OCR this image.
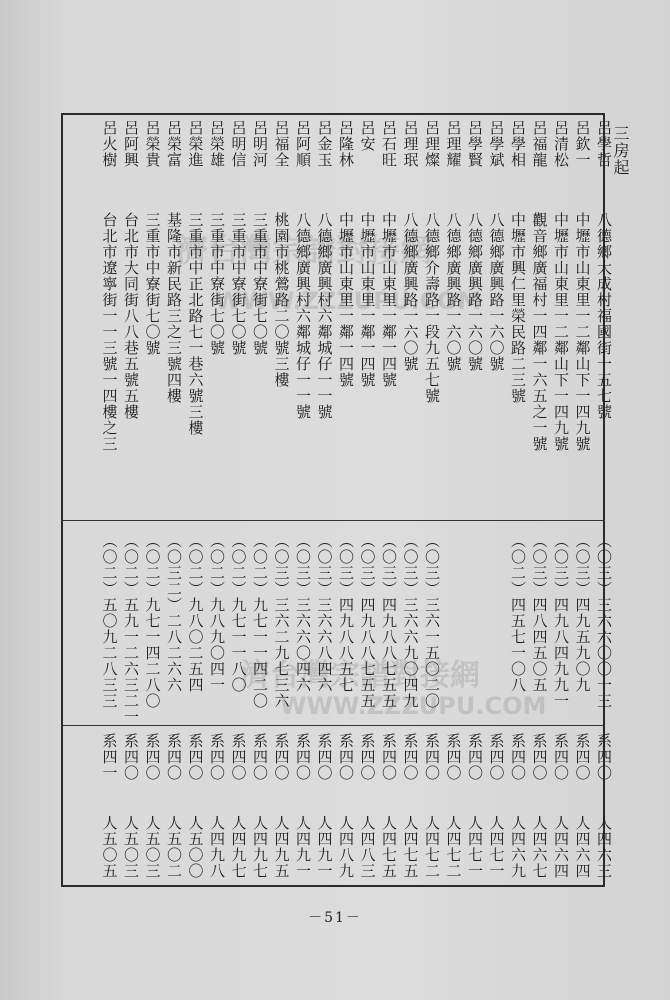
濟台灣宗譜對接網
WWW.ZZZUPU.COM
濟台灣宗譜對接網
WWW.ZZZUPU.COM
三房起
呂學哲
八德鄉大成村福國街一五七號
（〇三）三六六〇〇一三
系四〇
人四六三
呂欽一
中壢市山東里一二鄰山下一四九號
（〇三）四九五九〇九
系四〇
人四六四
呂清松
中壢市山東里一二鄰山下一四九號
（〇三）四九八四九九一
系四〇
人四六四
呂福龍
觀音鄉廣福村一四鄰一六五之一號
（〇三）四八四五〇五
系四〇
人四六七
呂學相
中壢市興仁里榮民路二三號
（〇二）四五七一〇八
系四〇
人四六九
呂學斌
八德鄉廣興路一六〇號
系四〇
人四七一
呂學賢
八德鄉廣興路一六〇號
系四〇
人四七一
呂理耀
八德鄉廣興路一六〇號
系四〇
人四七二
呂理燦
八德鄉介壽路一段九五七號
（〇三）三六一五〇二〇
系四〇
人四七二
呂理珉
八德鄉廣興路一六〇號
（〇三）三六六九〇四九
系四〇
人四七五
呂石旺
中壢市山東里一鄰一四號
（〇三）四九八八七五五
系四〇
人四七五
呂安
中壢市山東里一鄰一四號
（〇三）四九八八七五五
系四〇
人四八三
呂隆林
中壢市山東里一鄰一四號
（〇三）四九八八五七
系四〇
人四八九
呂金玉
八德鄉廣興村六鄰城仔一一號
（〇三）三六六八四六
系四〇
人四九一
呂阿順
八德鄉廣興村六鄰城仔一一號
（〇三）三六六〇四六
系四〇
人四九一
呂福全
桃園市桃鶯路二〇號三樓
（〇三）三六二九七三六
系四〇
人四九五
呂明河
三重市中寮街七〇號
（〇二）九七一一四二〇
系四〇
人四九七
呂明信
三重市中寮街七〇號
（〇二）九七一一八〇
系四〇
人四九七
呂榮雄
三重市中寮街七〇號
（〇二）九八九〇四一
系四〇
人四九八
呂榮進
三重市中正北路七一巷六號三樓
（〇二）九八〇二五四
系四〇
人五〇〇
呂榮富
基隆市新民路三之三號四樓
（〇三二）二八二六六
系四〇
人五〇二
呂榮貴
三重市中寮街七〇號
（〇二）九七一四二八〇
系四〇
人五〇三
呂阿興
台北市大同街八八巷五號五樓
（〇二）五九一二六三二一
系四〇
人五〇三
呂火樹
台北市遼寧街一一三號一四樓之三
（〇二）五〇九二八三三
系四一
人五〇五
－51－
